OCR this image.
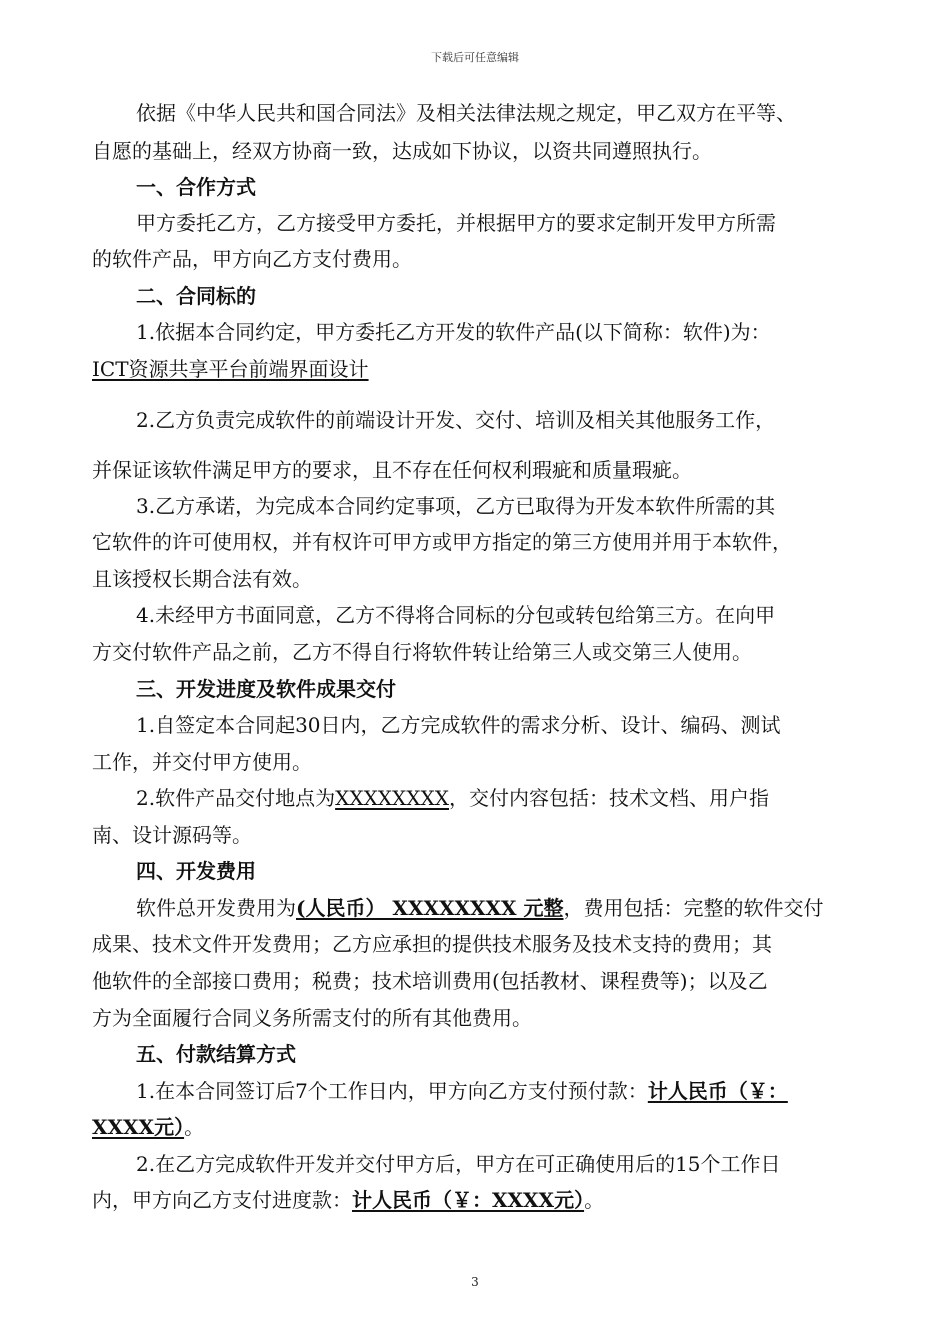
下载后可任意编辑
依据《中华人民共和国合同法》及相关法律法规之规定，甲乙双方在平等、
自愿的基础上，经双方协商一致，达成如下协议，以资共同遵照执行。
一、合作方式
甲方委托乙方，乙方接受甲方委托，并根据甲方的要求定制开发甲方所需
的软件产品，甲方向乙方支付费用。
二、合同标的
1.依据本合同约定，甲方委托乙方开发的软件产品(以下简称：软件)为：
ICT资源共享平台前端界面设计
2.乙方负责完成软件的前端设计开发、交付、培训及相关其他服务工作，
并保证该软件满足甲方的要求，且不存在任何权利瑕疵和质量瑕疵。
3.乙方承诺，为完成本合同约定事项，乙方已取得为开发本软件所需的其
它软件的许可使用权，并有权许可甲方或甲方指定的第三方使用并用于本软件，
且该授权长期合法有效。
4.未经甲方书面同意，乙方不得将合同标的分包或转包给第三方。在向甲
方交付软件产品之前，乙方不得自行将软件转让给第三人或交第三人使用。
三、开发进度及软件成果交付
1.自签定本合同起30日内，乙方完成软件的需求分析、设计、编码、测试
工作，并交付甲方使用。
2.软件产品交付地点为XXXXXXXX，交付内容包括：技术文档、用户指
南、设计源码等。
四、开发费用
软件总开发费用为(人民币） XXXXXXXX 元整，费用包括：完整的软件交付
成果、技术文件开发费用；乙方应承担的提供技术服务及技术支持的费用；其
他软件的全部接口费用；税费；技术培训费用(包括教材、课程费等)；以及乙
方为全面履行合同义务所需支付的所有其他费用。
五、付款结算方式
1.在本合同签订后7个工作日内，甲方向乙方支付预付款：计人民币（￥：
XXXX元）。
2.在乙方完成软件开发并交付甲方后，甲方在可正确使用后的15个工作日
内，甲方向乙方支付进度款：计人民币（￥：XXXX元）。
3
